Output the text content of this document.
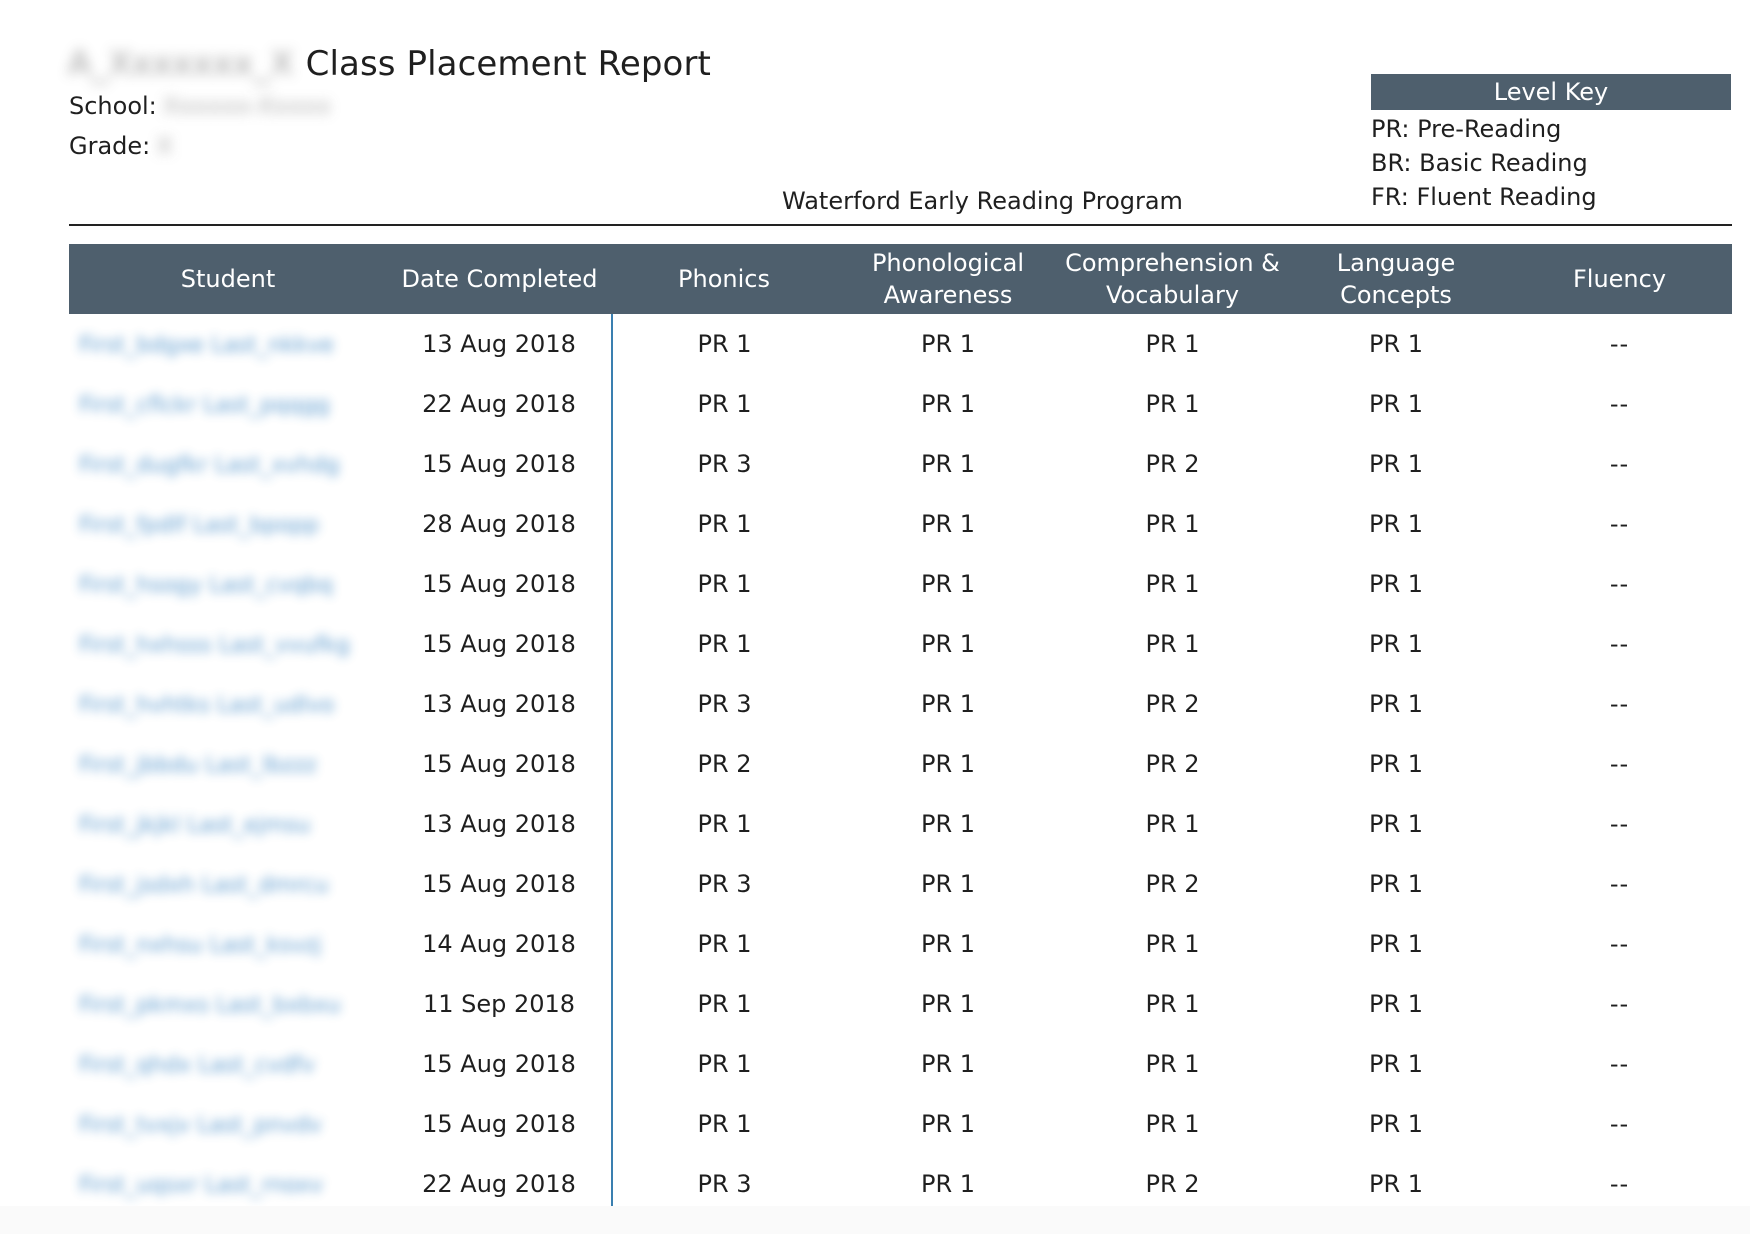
A_Xxxxxxx_X Class Placement Report
School: Xxxxxx-Xxxxx
Grade: X
Waterford Early Reading Program
Level Key
PR: Pre-Reading
BR: Basic Reading
FR: Fluent Reading
Student	Date Completed	Phonics	Phonological Awareness	Comprehension & Vocabulary	Language Concepts	Fluency
First_bdgxe Last_nkkve	13 Aug 2018	PR 1	PR 1	PR 1	PR 1	--
First_cflckr Last_pqqgg	22 Aug 2018	PR 1	PR 1	PR 1	PR 1	--
First_dugfkr Last_xvhdg	15 Aug 2018	PR 3	PR 1	PR 2	PR 1	--
First_fpdlf Last_bpopp	28 Aug 2018	PR 1	PR 1	PR 1	PR 1	--
First_hsogy Last_cvqbq	15 Aug 2018	PR 1	PR 1	PR 1	PR 1	--
First_hxhsss Last_vvufkg	15 Aug 2018	PR 1	PR 1	PR 1	PR 1	--
First_hvhtks Last_udlvo	13 Aug 2018	PR 3	PR 1	PR 2	PR 1	--
First_jbbdu Last_lbzzz	15 Aug 2018	PR 2	PR 1	PR 2	PR 1	--
First_jkjkl Last_ejmsu	13 Aug 2018	PR 1	PR 1	PR 1	PR 1	--
First_jsdxh Last_dmrcu	15 Aug 2018	PR 3	PR 1	PR 2	PR 1	--
First_nxhsu Last_ksvzj	14 Aug 2018	PR 1	PR 1	PR 1	PR 1	--
First_pkmxs Last_bxbxu	11 Sep 2018	PR 1	PR 1	PR 1	PR 1	--
First_qhdx Last_cvdfv	15 Aug 2018	PR 1	PR 1	PR 1	PR 1	--
First_tvxjv Last_pnvdv	15 Aug 2018	PR 1	PR 1	PR 1	PR 1	--
First_uqsxr Last_rnoxv	22 Aug 2018	PR 3	PR 1	PR 2	PR 1	--
